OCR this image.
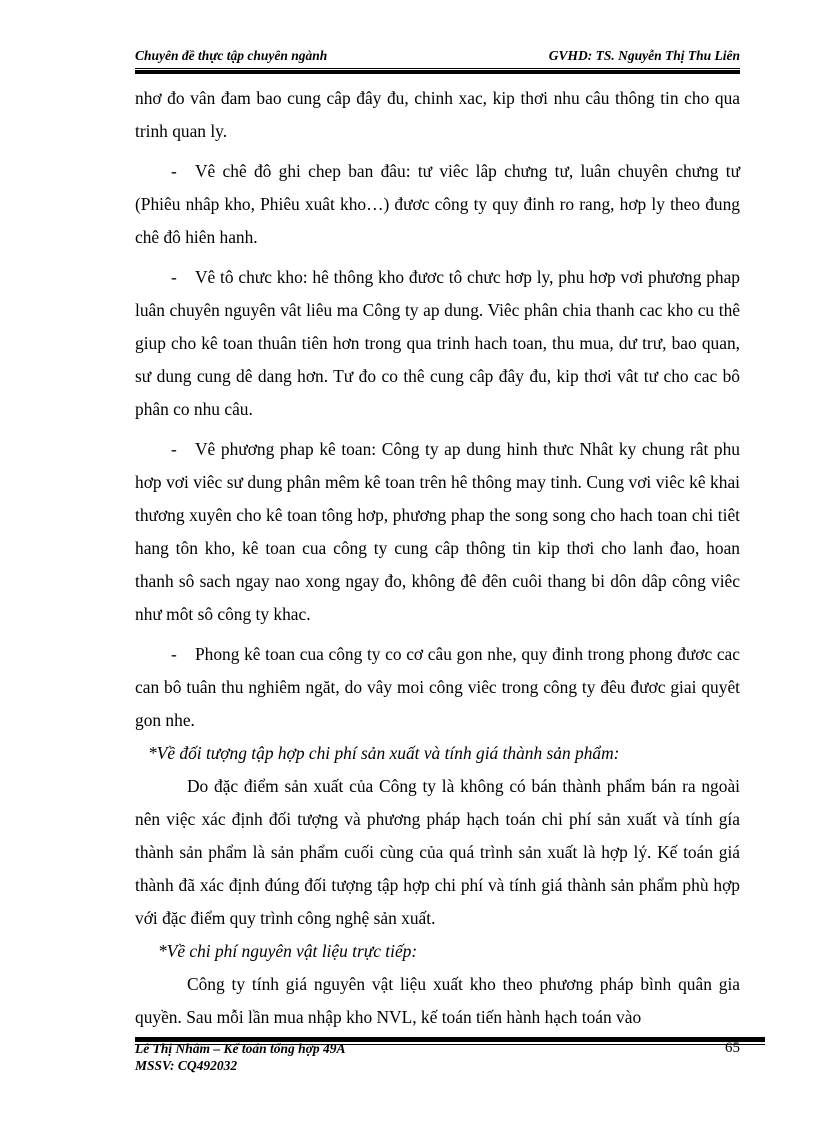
Chuyên đề thực tập chuyên ngành	GVHD: TS. Nguyễn Thị Thu Liên

nhơ đo vân đam bao cung câp đây đu, chinh xac, kip thơi nhu câu thông tin cho qua trinh quan ly.

- Vê chê đô ghi chep ban đâu: tư viêc lâp chưng tư, luân chuyên chưng tư (Phiêu nhâp kho, Phiêu xuât kho…) đươc công ty quy đinh ro rang, hơp ly theo đung chê đô hiên hanh.

- Vê tô chưc kho: hê thông kho đươc tô chưc hơp ly, phu hơp vơi phương phap luân chuyên nguyên vât liêu ma Công ty ap dung. Viêc phân chia thanh cac kho cu thê giup cho kê toan thuân tiên hơn trong qua trinh hach toan, thu mua, dư trư, bao quan, sư dung cung dê dang hơn. Tư đo co thê cung câp đây đu, kip thơi vât tư cho cac bô phân co nhu câu.

- Vê phương phap kê toan: Công ty ap dung hinh thưc Nhât ky chung rât phu hơp vơi viêc sư dung phân mêm kê toan trên hê thông may tinh. Cung vơi viêc kê khai thương xuyên cho kê toan tông hơp, phương phap the song song cho hach toan chi tiêt hang tôn kho, kê toan cua công ty cung câp thông tin kip thơi cho lanh đao, hoan thanh sô sach ngay nao xong ngay đo, không đê đên cuôi thang bi dôn dâp công viêc như môt sô công ty khac.

- Phong kê toan cua công ty co cơ câu gon nhe, quy đinh trong phong đươc cac can bô tuân thu nghiêm ngăt, do vây moi công viêc trong công ty đêu đươc giai quyêt gon nhe.

*Về đối tượng tập hợp chi phí sản xuất và tính giá thành sản phẩm:

Do đặc điểm sản xuất của Công ty là không có bán thành phẩm bán ra ngoài nên việc xác định đối tượng và phương pháp hạch toán chi phí sản xuất và tính gía thành sản phẩm là sản phẩm cuối cùng của quá trình sản xuất là hợp lý. Kế toán giá thành đã xác định đúng đối tượng tập hợp chi phí và tính giá thành sản phẩm phù hợp với đặc điểm quy trình công nghệ sản xuất.

*Về chi phí nguyên vật liệu trực tiếp:

Công ty tính giá nguyên vật liệu xuất kho theo phương pháp bình quân gia quyền. Sau mỗi lần mua nhập kho NVL, kế toán tiến hành hạch toán vào

Lê Thị Nhâm – Kế toán tổng hợp 49A
MSSV: CQ492032
65
